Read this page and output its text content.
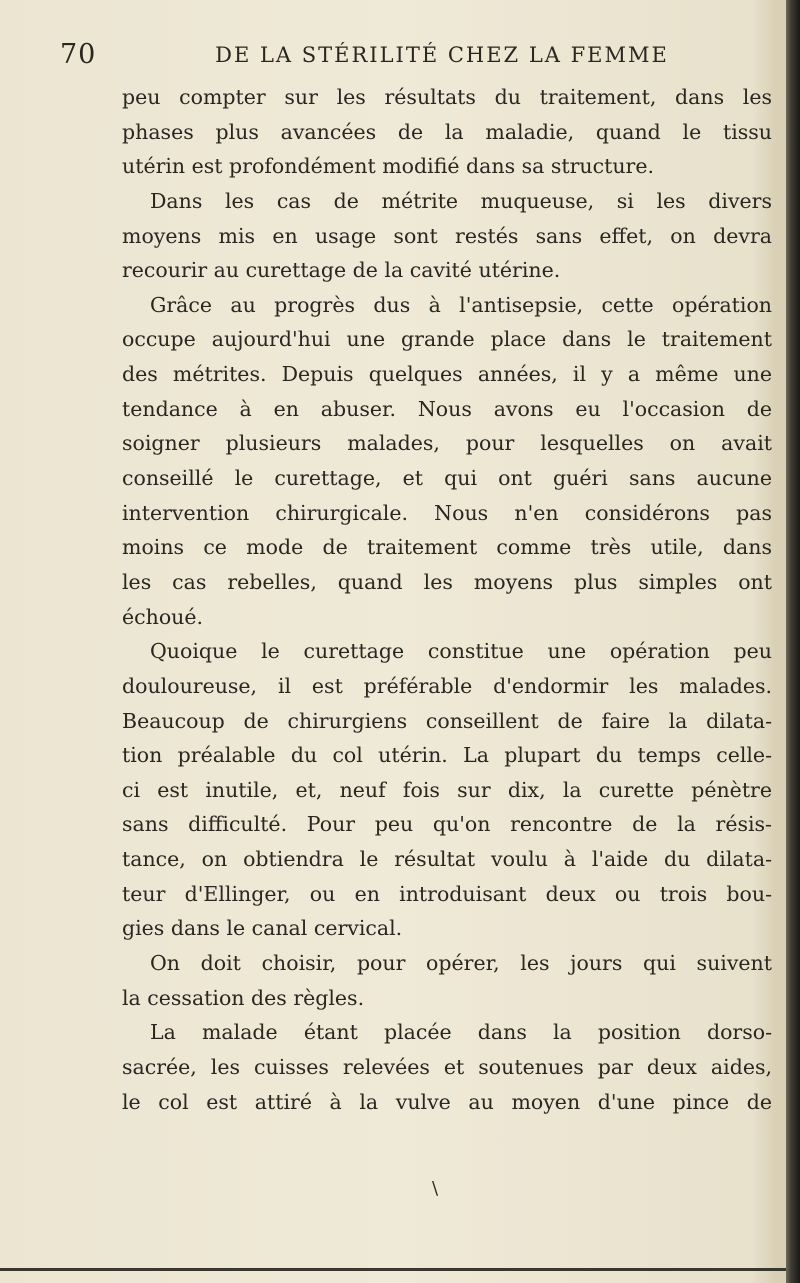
70	DE LA STÉRILITÉ CHEZ LA FEMME
peu compter sur les résultats du traitement, dans les
phases plus avancées de la maladie, quand le tissu
utérin est profondément modifié dans sa structure.
Dans les cas de métrite muqueuse, si les divers
moyens mis en usage sont restés sans effet, on devra
recourir au curettage de la cavité utérine.
Grâce au progrès dus à l'antisepsie, cette opération
occupe aujourd'hui une grande place dans le traitement
des métrites. Depuis quelques années, il y a même une
tendance à en abuser. Nous avons eu l'occasion de
soigner plusieurs malades, pour lesquelles on avait
conseillé le curettage, et qui ont guéri sans aucune
intervention chirurgicale. Nous n'en considérons pas
moins ce mode de traitement comme très utile, dans
les cas rebelles, quand les moyens plus simples ont
échoué.
Quoique le curettage constitue une opération peu
douloureuse, il est préférable d'endormir les malades.
Beaucoup de chirurgiens conseillent de faire la dilata-
tion préalable du col utérin. La plupart du temps celle-
ci est inutile, et, neuf fois sur dix, la curette pénètre
sans difficulté. Pour peu qu'on rencontre de la résis-
tance, on obtiendra le résultat voulu à l'aide du dilata-
teur d'Ellinger, ou en introduisant deux ou trois bou-
gies dans le canal cervical.
On doit choisir, pour opérer, les jours qui suivent
la cessation des règles.
La malade étant placée dans la position dorso-
sacrée, les cuisses relevées et soutenues par deux aides,
le col est attiré à la vulve au moyen d'une pince de
\
